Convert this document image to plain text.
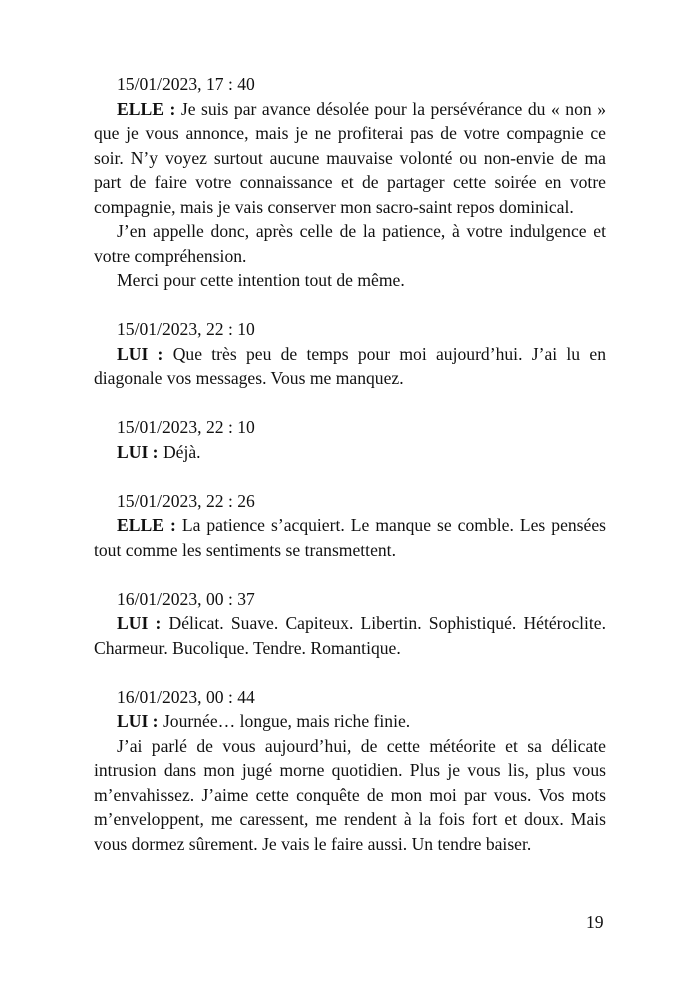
15/01/2023, 17 : 40

ELLE : Je suis par avance désolée pour la persévérance du « non » que je vous annonce, mais je ne profiterai pas de votre compagnie ce soir. N’y voyez surtout aucune mauvaise volonté ou non-envie de ma part de faire votre connaissance et de partager cette soirée en votre compagnie, mais je vais conserver mon sacro-saint repos dominical.

J’en appelle donc, après celle de la patience, à votre indulgence et votre compréhension.

Merci pour cette intention tout de même.

15/01/2023, 22 : 10

LUI : Que très peu de temps pour moi aujourd’hui. J’ai lu en diagonale vos messages. Vous me manquez.

15/01/2023, 22 : 10

LUI : Déjà.

15/01/2023, 22 : 26

ELLE : La patience s’acquiert. Le manque se comble. Les pensées tout comme les sentiments se transmettent.

16/01/2023, 00 : 37

LUI : Délicat. Suave. Capiteux. Libertin. Sophistiqué. Hétéroclite. Charmeur. Bucolique. Tendre. Romantique.

16/01/2023, 00 : 44

LUI : Journée… longue, mais riche finie.

J’ai parlé de vous aujourd’hui, de cette météorite et sa délicate intrusion dans mon jugé morne quotidien. Plus je vous lis, plus vous m’envahissez. J’aime cette conquête de mon moi par vous. Vos mots m’enveloppent, me caressent, me rendent à la fois fort et doux. Mais vous dormez sûrement. Je vais le faire aussi. Un tendre baiser.

19
